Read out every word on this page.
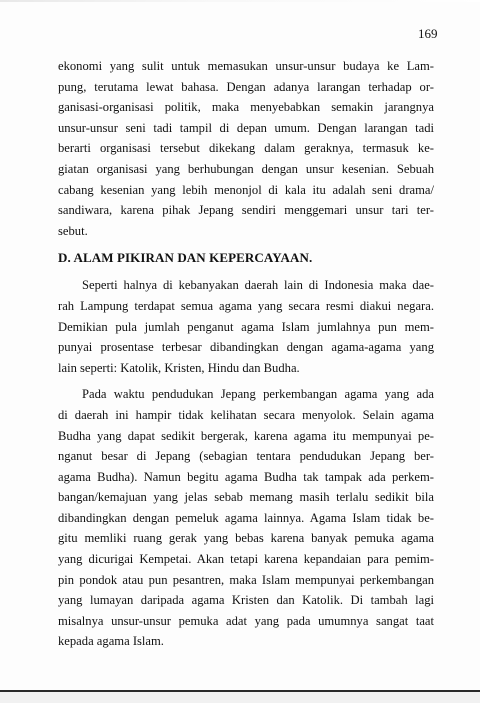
169
ekonomi yang sulit untuk memasukan unsur-unsur budaya ke Lam-
pung, terutama lewat bahasa. Dengan adanya larangan terhadap or-
ganisasi-organisasi politik, maka menyebabkan semakin jarangnya
unsur-unsur seni tadi tampil di depan umum. Dengan larangan tadi
berarti organisasi tersebut dikekang dalam geraknya, termasuk ke-
giatan organisasi yang berhubungan dengan unsur kesenian. Sebuah
cabang kesenian yang lebih menonjol di kala itu adalah seni drama/
sandiwara, karena pihak Jepang sendiri menggemari unsur tari ter-
sebut.
D. ALAM PIKIRAN DAN KEPERCAYAAN.
Seperti halnya di kebanyakan daerah lain di Indonesia maka dae-
rah Lampung terdapat semua agama yang secara resmi diakui negara.
Demikian pula jumlah penganut agama Islam jumlahnya pun mem-
punyai prosentase terbesar dibandingkan dengan agama-agama yang
lain seperti: Katolik, Kristen, Hindu dan Budha.
Pada waktu pendudukan Jepang perkembangan agama yang ada
di daerah ini hampir tidak kelihatan secara menyolok. Selain agama
Budha yang dapat sedikit bergerak, karena agama itu mempunyai pe-
nganut besar di Jepang (sebagian tentara pendudukan Jepang ber-
agama Budha). Namun begitu agama Budha tak tampak ada perkem-
bangan/kemajuan yang jelas sebab memang masih terlalu sedikit bila
dibandingkan dengan pemeluk agama lainnya. Agama Islam tidak be-
gitu memliki ruang gerak yang bebas karena banyak pemuka agama
yang dicurigai Kempetai. Akan tetapi karena kepandaian para pemim-
pin pondok atau pun pesantren, maka Islam mempunyai perkembangan
yang lumayan daripada agama Kristen dan Katolik. Di tambah lagi
misalnya unsur-unsur pemuka adat yang pada umumnya sangat taat
kepada agama Islam.
